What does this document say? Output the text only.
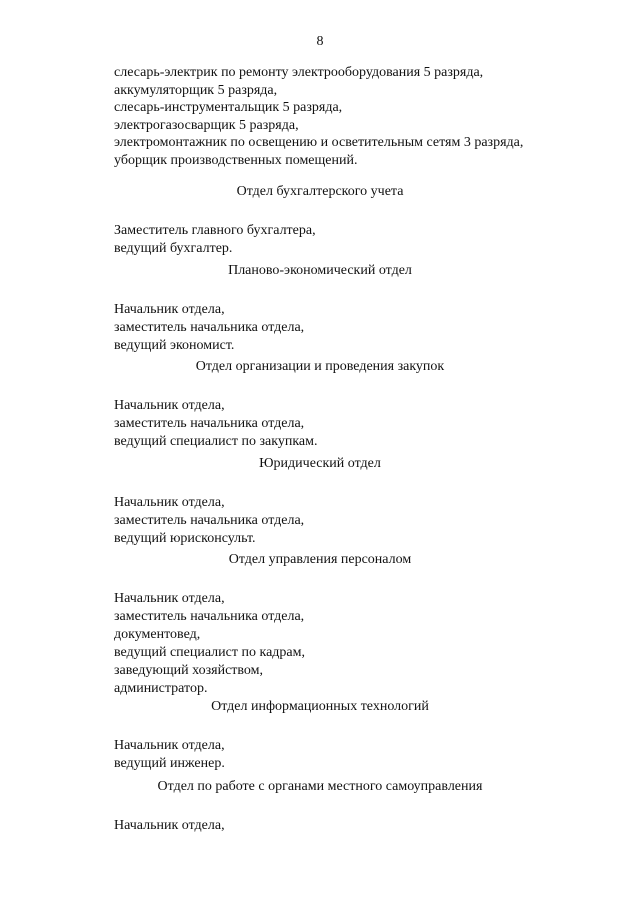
8
слесарь-электрик по ремонту электрооборудования 5 разряда,
аккумуляторщик 5 разряда,
слесарь-инструментальщик 5 разряда,
электрогазосварщик 5 разряда,
электромонтажник по освещению и осветительным сетям 3 разряда,
уборщик производственных помещений.
Отдел бухгалтерского учета
Заместитель главного бухгалтера,
ведущий бухгалтер.
Планово-экономический отдел
Начальник отдела,
заместитель начальника отдела,
ведущий экономист.
Отдел организации и проведения закупок
Начальник отдела,
заместитель начальника отдела,
ведущий специалист по закупкам.
Юридический отдел
Начальник отдела,
заместитель начальника отдела,
ведущий юрисконсульт.
Отдел управления персоналом
Начальник отдела,
заместитель начальника отдела,
документовед,
ведущий специалист по кадрам,
заведующий хозяйством,
администратор.
Отдел информационных технологий
Начальник отдела,
ведущий инженер.
Отдел по работе с органами местного самоуправления
Начальник отдела,
